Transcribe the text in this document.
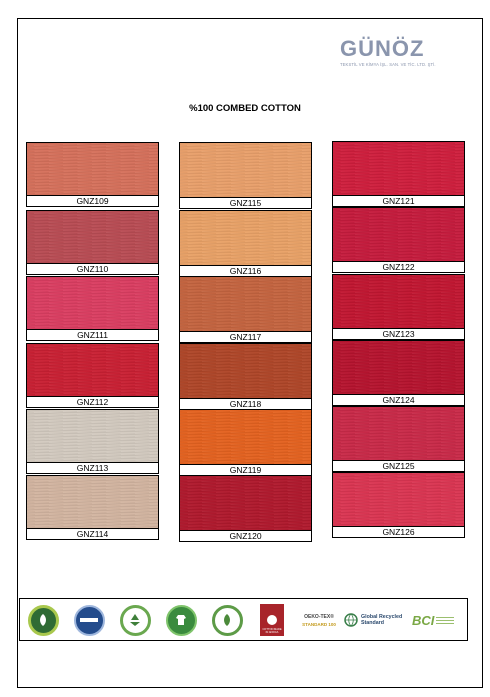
GÜNÖZ
TEKSTİL VE KİMYA İŞL. SAN. VE TİC. LTD. ŞTİ.
%100 COMBED COTTON
GNZ109
GNZ110
GNZ111
GNZ112
GNZ113
GNZ114
GNZ115
GNZ116
GNZ117
GNZ118
GNZ119
GNZ120
GNZ121
GNZ122
GNZ123
GNZ124
GNZ125
GNZ126
COTTON MADE IN AFRICA
OEKO-TEX®
STANDARD 100
Global Recycled
Standard	BCI
